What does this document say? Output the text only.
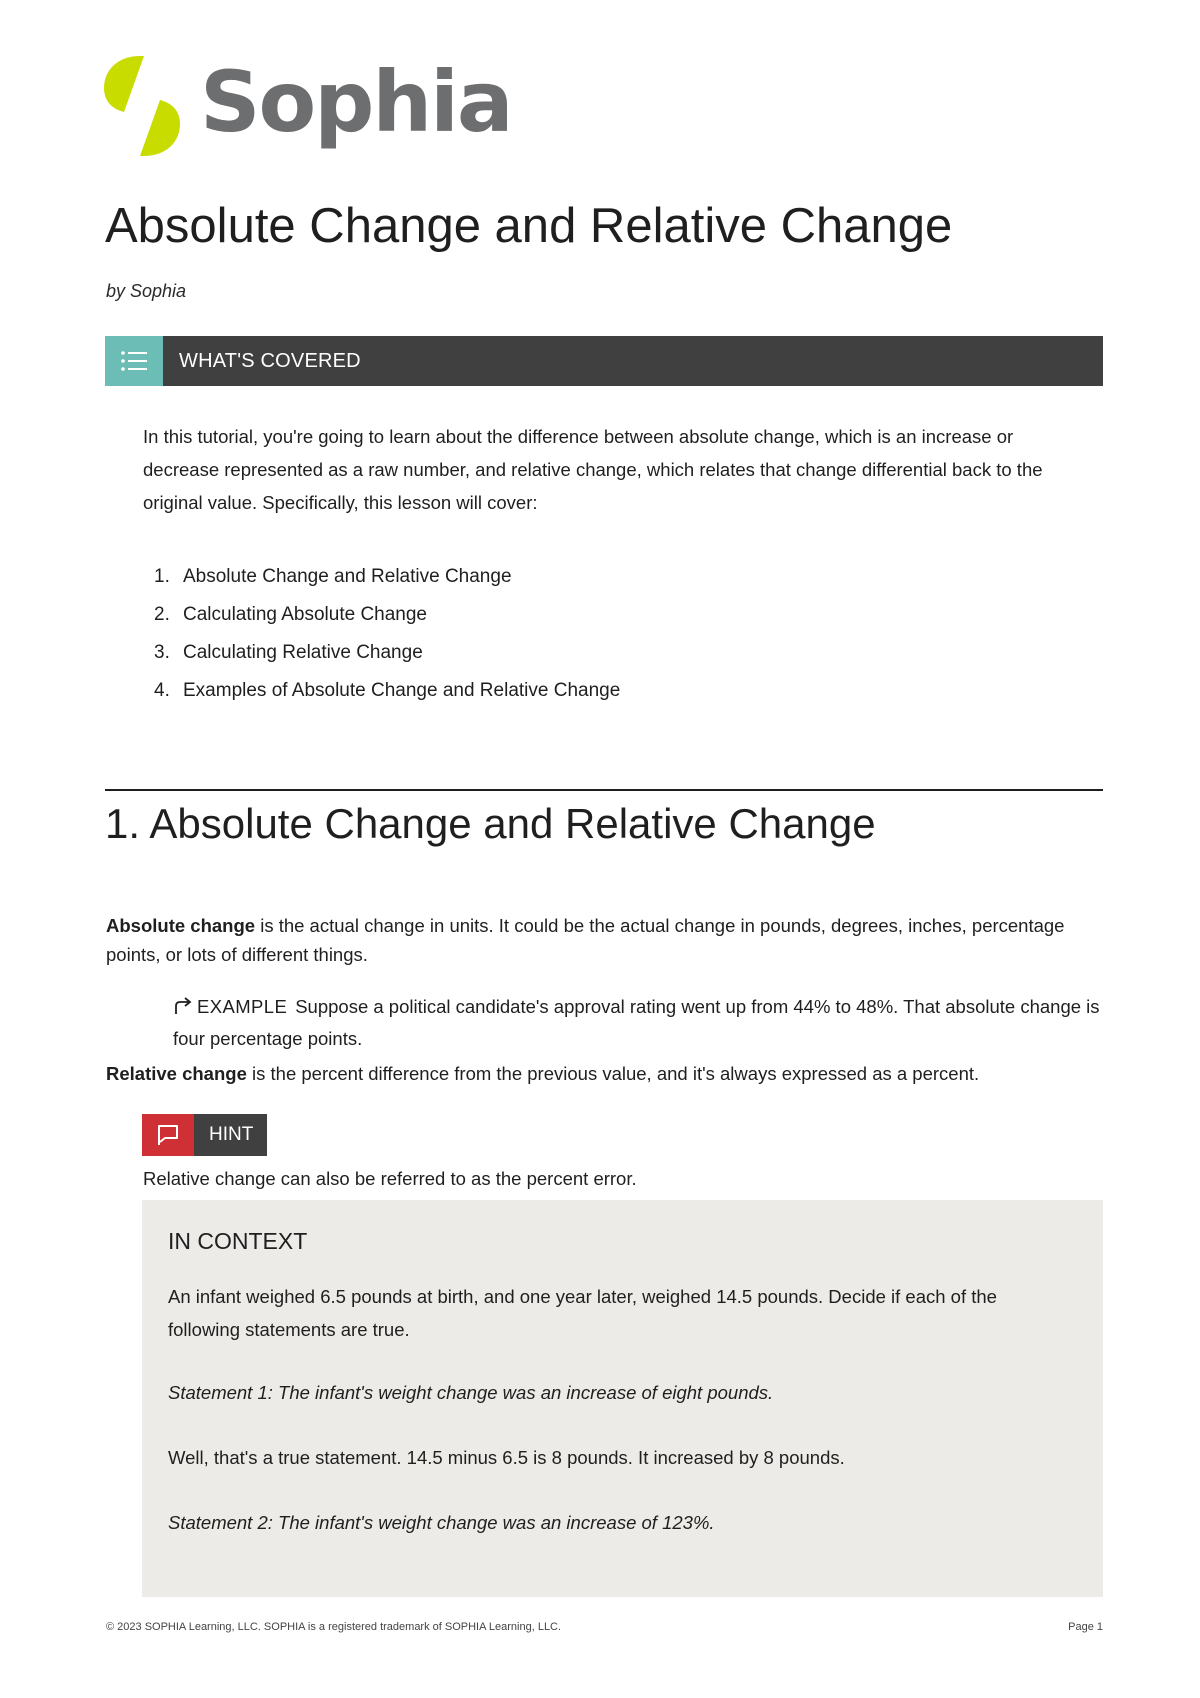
Sophia
Absolute Change and Relative Change
by Sophia
WHAT'S COVERED

In this tutorial, you're going to learn about the difference between absolute change, which is an increase or decrease represented as a raw number, and relative change, which relates that change differential back to the original value. Specifically, this lesson will cover:

1. Absolute Change and Relative Change
2. Calculating Absolute Change
3. Calculating Relative Change
4. Examples of Absolute Change and Relative Change
1. Absolute Change and Relative Change

Absolute change is the actual change in units. It could be the actual change in pounds, degrees, inches, percentage points, or lots of different things.

EXAMPLE Suppose a political candidate's approval rating went up from 44% to 48%. That absolute change is four percentage points.

Relative change is the percent difference from the previous value, and it's always expressed as a percent.

HINT

Relative change can also be referred to as the percent error.

IN CONTEXT

An infant weighed 6.5 pounds at birth, and one year later, weighed 14.5 pounds. Decide if each of the following statements are true.

Statement 1: The infant's weight change was an increase of eight pounds.

Well, that's a true statement. 14.5 minus 6.5 is 8 pounds. It increased by 8 pounds.

Statement 2: The infant's weight change was an increase of 123%.

© 2023 SOPHIA Learning, LLC. SOPHIA is a registered trademark of SOPHIA Learning, LLC.	Page 1
